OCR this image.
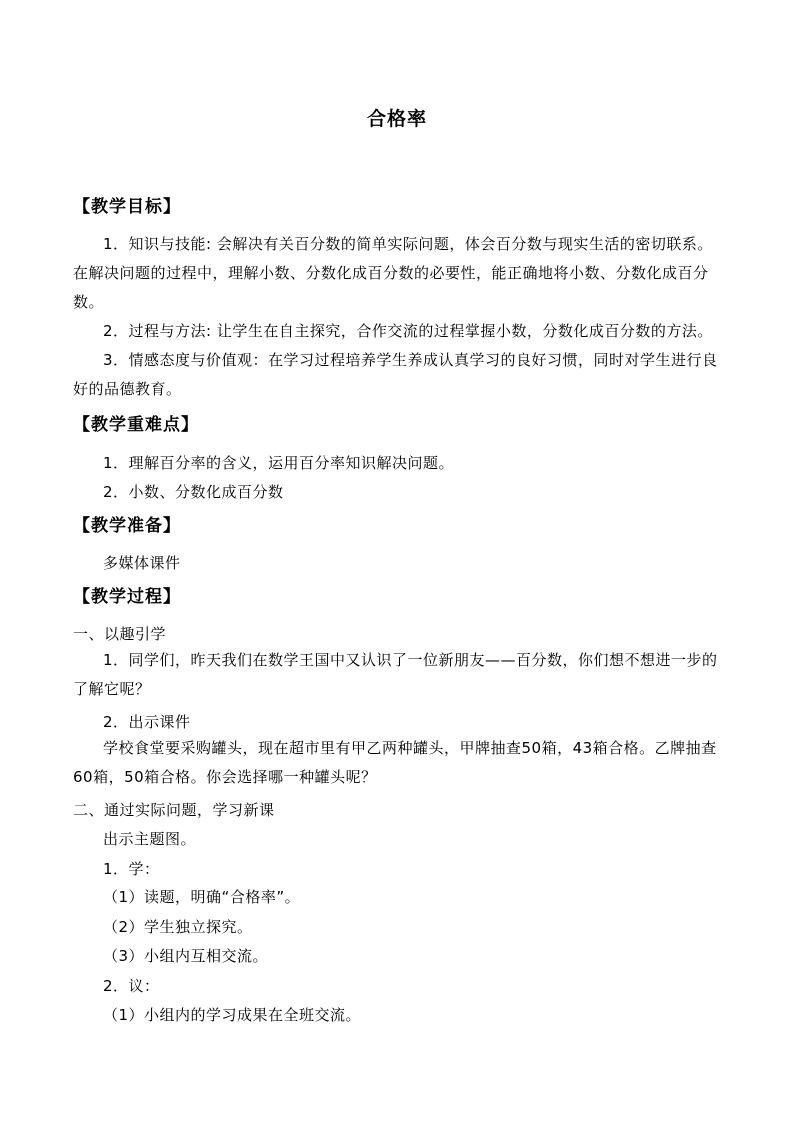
合格率
【教学目标】
1．知识与技能: 会解决有关百分数的简单实际问题，体会百分数与现实生活的密切联系。在解决问题的过程中，理解小数、分数化成百分数的必要性，能正确地将小数、分数化成百分数。
2．过程与方法: 让学生在自主探究，合作交流的过程掌握小数，分数化成百分数的方法。
3．情感态度与价值观：在学习过程培养学生养成认真学习的良好习惯，同时对学生进行良好的品德教育。
【教学重难点】
1．理解百分率的含义，运用百分率知识解决问题。
2．小数、分数化成百分数
【教学准备】
多媒体课件
【教学过程】
一、以趣引学
1．同学们，昨天我们在数学王国中又认识了一位新朋友——百分数，你们想不想进一步的了解它呢？
2．出示课件
学校食堂要采购罐头，现在超市里有甲乙两种罐头，甲牌抽查50箱，43箱合格。乙牌抽查60箱，50箱合格。你会选择哪一种罐头呢？
二、通过实际问题，学习新课
出示主题图。
1．学：
（1）读题，明确“合格率”。
（2）学生独立探究。
（3）小组内互相交流。
2．议：
（1）小组内的学习成果在全班交流。
